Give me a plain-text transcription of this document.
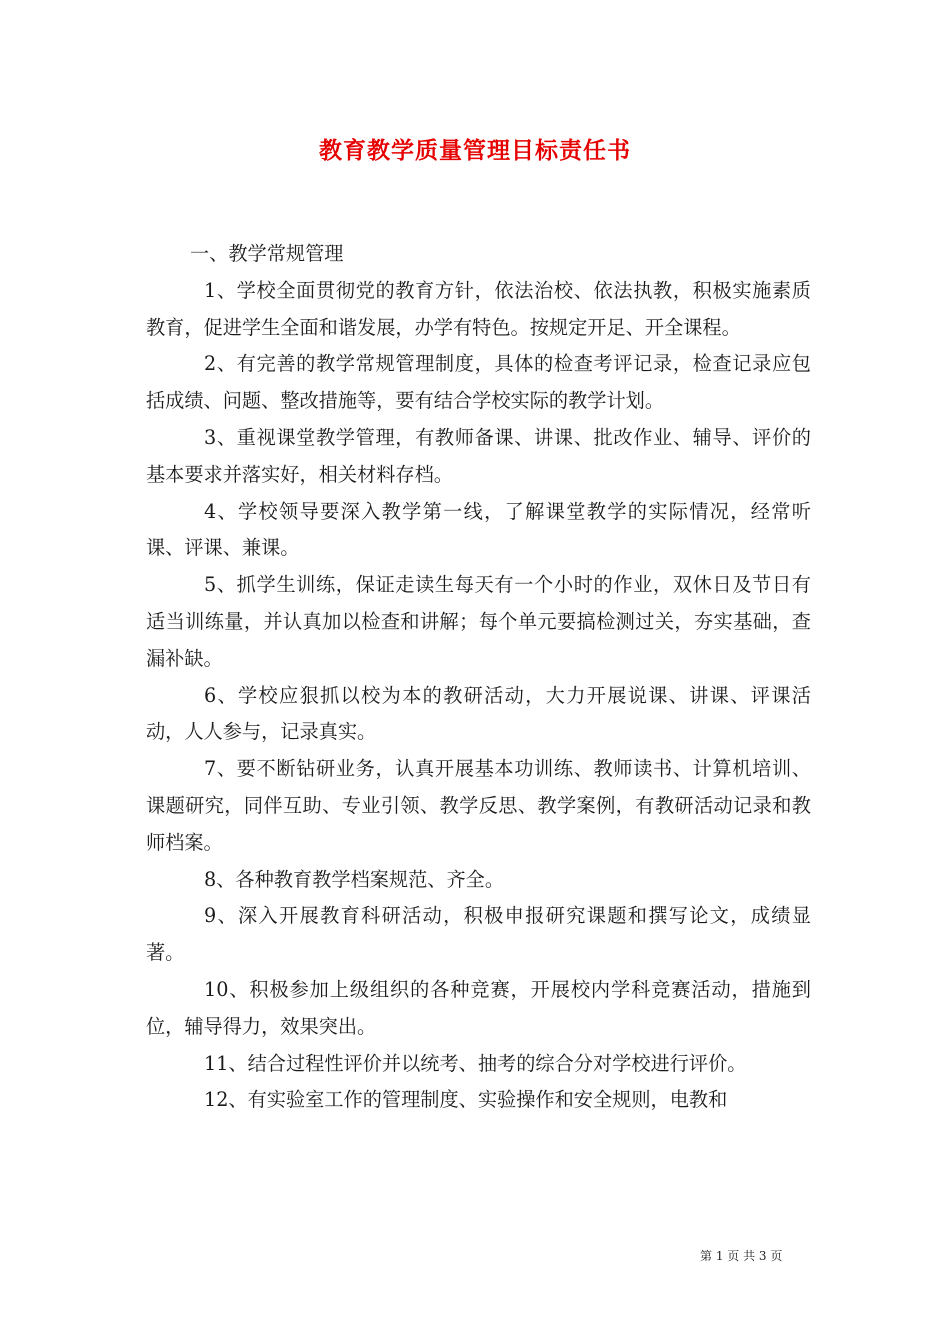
教育教学质量管理目标责任书

一、教学常规管理

1、学校全面贯彻党的教育方针，依法治校、依法执教，积极实施素质教育，促进学生全面和谐发展，办学有特色。按规定开足、开全课程。

2、有完善的教学常规管理制度，具体的检查考评记录，检查记录应包括成绩、问题、整改措施等，要有结合学校实际的教学计划。

3、重视课堂教学管理，有教师备课、讲课、批改作业、辅导、评价的基本要求并落实好，相关材料存档。

4、学校领导要深入教学第一线，了解课堂教学的实际情况，经常听课、评课、兼课。

5、抓学生训练，保证走读生每天有一个小时的作业，双休日及节日有适当训练量，并认真加以检查和讲解；每个单元要搞检测过关，夯实基础，查漏补缺。

6、学校应狠抓以校为本的教研活动，大力开展说课、讲课、评课活动，人人参与，记录真实。

7、要不断钻研业务，认真开展基本功训练、教师读书、计算机培训、课题研究，同伴互助、专业引领、教学反思、教学案例，有教研活动记录和教师档案。

8、各种教育教学档案规范、齐全。

9、深入开展教育科研活动，积极申报研究课题和撰写论文，成绩显著。

10、积极参加上级组织的各种竞赛，开展校内学科竞赛活动，措施到位，辅导得力，效果突出。

11、结合过程性评价并以统考、抽考的综合分对学校进行评价。

12、有实验室工作的管理制度、实验操作和安全规则，电教和

第 1 页 共 3 页
